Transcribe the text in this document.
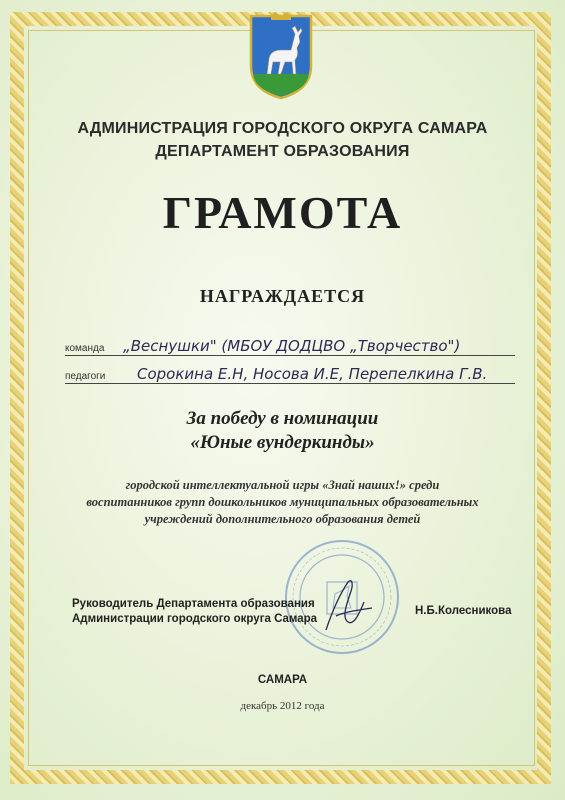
АДМИНИСТРАЦИЯ ГОРОДСКОГО ОКРУГА САМАРА
ДЕПАРТАМЕНТ ОБРАЗОВАНИЯ
ГРАМОТА
НАГРАЖДАЕТСЯ
команда „Веснушки" (МБОУ ДОДЦВО „Творчество")
педагоги Сорокина Е.Н, Носова И.Е, Перепелкина Г.В.
За победу в номинации
«Юные вундеркинды»
городской интеллектуальной игры «Знай наших!» среди
воспитанников групп дошкольников муниципальных образовательных
учреждений дополнительного образования детей
Руководитель Департамента образования
Администрации городского округа Самара
Н.Б.Колесникова
САМАРА
декабрь 2012 года
